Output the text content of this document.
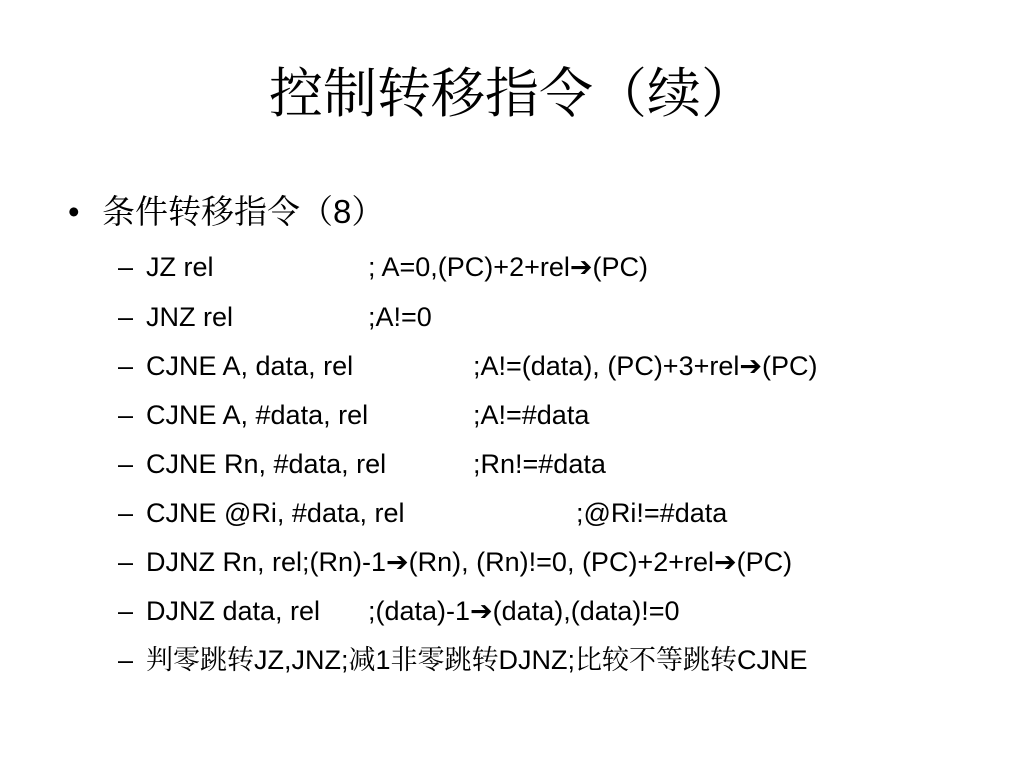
控制转移指令（续）
• 条件转移指令（8）
– JZ rel	; A=0,(PC)+2+rel➔(PC)
– JNZ rel	;A!=0
– CJNE A, data, rel	;A!=(data), (PC)+3+rel➔(PC)
– CJNE A, #data, rel	;A!=#data
– CJNE Rn, #data, rel	;Rn!=#data
– CJNE @Ri, #data, rel	;@Ri!=#data
– DJNZ Rn, rel;(Rn)-1➔(Rn), (Rn)!=0, (PC)+2+rel➔(PC)
– DJNZ data, rel ;(data)-1➔(data),(data)!=0
– 判零跳转JZ,JNZ;减1非零跳转DJNZ;比较不等跳转CJNE
